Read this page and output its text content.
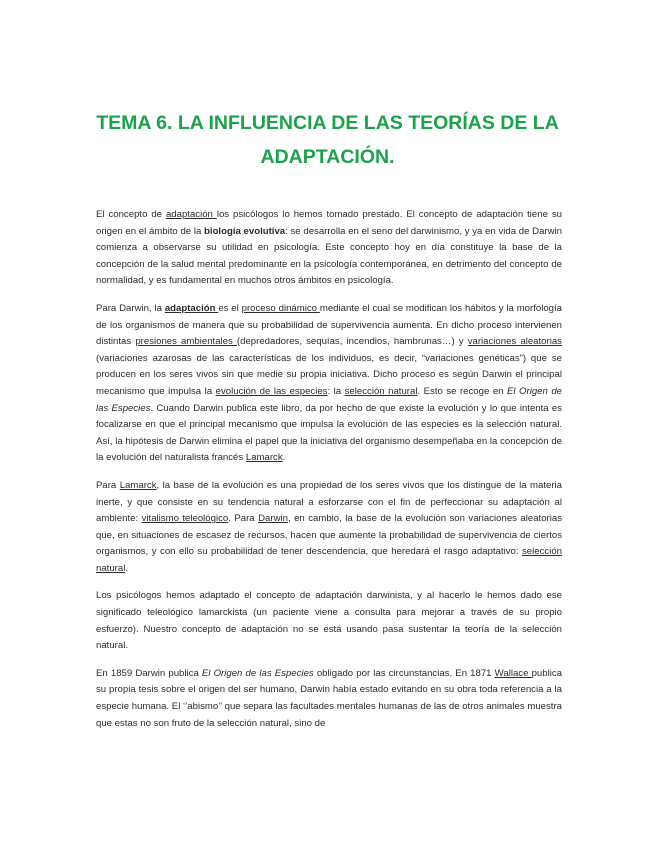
TEMA 6. LA INFLUENCIA DE LAS TEORÍAS DE LA ADAPTACIÓN.

El concepto de adaptación los psicólogos lo hemos tomado prestado. El concepto de adaptación tiene su origen en el ámbito de la biología evolutiva: se desarrolla en el seno del darwinismo, y ya en vida de Darwin comienza a observarse su utilidad en psicología. Este concepto hoy en día constituye la base de la concepción de la salud mental predominante en la psicología contemporánea, en detrimento del concepto de normalidad, y es fundamental en muchos otros ámbitos en psicología.

Para Darwin, la adaptación es el proceso dinámico mediante el cual se modifican los hábitos y la morfología de los organismos de manera que su probabilidad de supervivencia aumenta. En dicho proceso intervienen distintas presiones ambientales (depredadores, sequías, incendios, hambrunas…) y variaciones aleatorias (variaciones azarosas de las características de los individuos, es decir, “variaciones genéticas”) que se producen en los seres vivos sin que medie su propia iniciativa. Dicho proceso es según Darwin el principal mecanismo que impulsa la evolución de las especies: la selección natural. Esto se recoge en El Origen de las Especies. Cuando Darwin publica este libro, da por hecho de que existe la evolución y lo que intenta es focalizarse en que el principal mecanismo que impulsa la evolución de las especies es la selección natural. Así, la hipótesis de Darwin elimina el papel que la iniciativa del organismo desempeñaba en la concepción de la evolución del naturalista francés Lamarck.

Para Lamarck, la base de la evolución es una propiedad de los seres vivos que los distingue de la materia inerte, y que consiste en su tendencia natural a esforzarse con el fin de perfeccionar su adaptación al ambiente: vitalismo teleológico. Para Darwin, en cambio, la base de la evolución son variaciones aleatorias que, en situaciones de escasez de recursos, hacen que aumente la probabilidad de supervivencia de ciertos organismos, y con ello su probabilidad de tener descendencia, que heredará el rasgo adaptativo: selección natural.

Los psicólogos hemos adaptado el concepto de adaptación darwinista, y al hacerlo le hemos dado ese significado teleológico lamarckista (un paciente viene a consulta para mejorar a través de su propio esfuerzo). Nuestro concepto de adaptación no se está usando pasa sustentar la teoría de la selección natural.

En 1859 Darwin publica El Origen de las Especies obligado por las circunstancias. En 1871 Wallace publica su propia tesis sobre el origen del ser humano, Darwin había estado evitando en su obra toda referencia a la especie humana. El ‘’abismo’’ que separa las facultades mentales humanas de las de otros animales muestra que estas no son fruto de la selección natural, sino de
